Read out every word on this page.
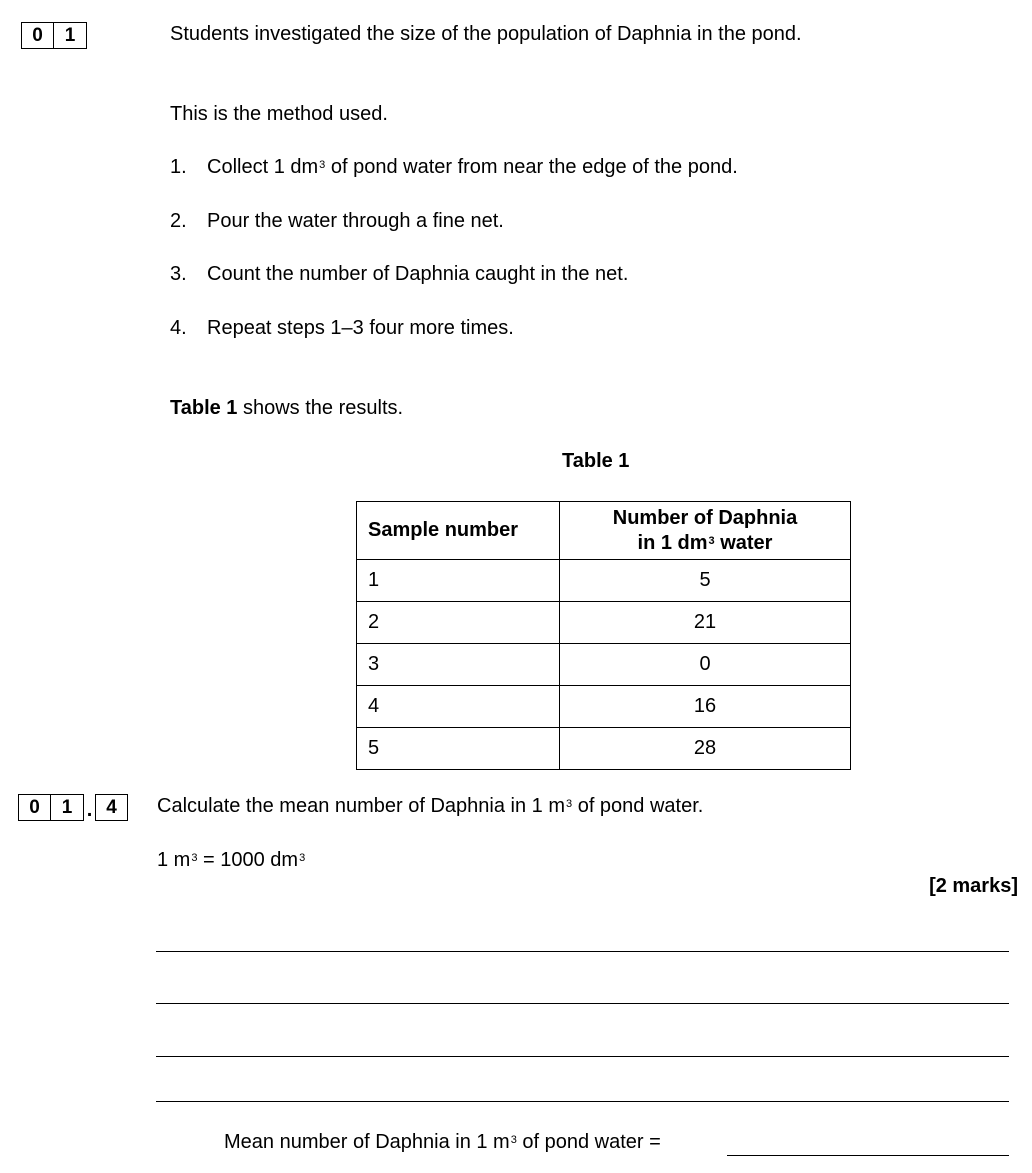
0	1	Students investigated the size of the population of Daphnia in the pond.
This is the method used.
1. Collect 1 $dm^3$ of pond water from near the edge of the pond.
2. Pour the water through a fine net.
3. Count the number of Daphnia caught in the net.
4. Repeat steps 1–3 four more times.
Table 1 shows the results.
Table 1
Sample number	Number of Daphnia
in 1 $dm^3$ water
1	5
2	21
3	0
4	16
5	28
0	1 . 4	Calculate the mean number of Daphnia in 1 $m^3$ of pond water.
1 $m^3 = 1000$ $dm^3$
[2 marks]
Mean number of Daphnia in 1 $m^3$ of pond water =
